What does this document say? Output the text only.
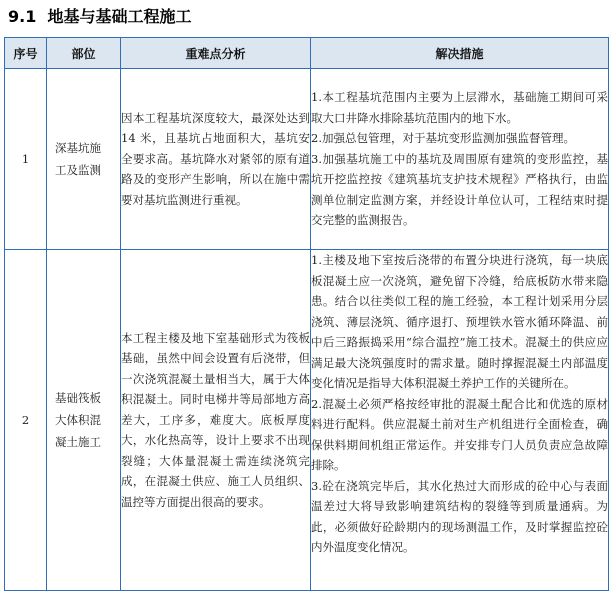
9.1 地基与基础工程施工
序号	部位	重难点分析	解决措施
1	深基坑施工及监测	因本工程基坑深度较大，最深处达到 14 米，且基坑占地面积大，基坑安全要求高。基坑降水对紧邻的原有道路及的变形产生影响，所以在施中需要对基坑监测进行重视。	1.本工程基坑范围内主要为上层滞水，基础施工期间可采取大口井降水排除基坑范围内的地下水。

2.加强总包管理，对于基坑变形监测加强监督管理。

3.加强基坑施工中的基坑及周围原有建筑的变形监控，基坑开挖监控按《建筑基坑支护技术规程》严格执行，由监测单位制定监测方案，并经设计单位认可，工程结束时提交完整的监测报告。

2	基础筏板大体积混凝土施工	本工程主楼及地下室基础形式为筏板基础，虽然中间会设置有后浇带，但一次浇筑混凝土量相当大，属于大体积混凝土。同时电梯井等局部地方高差大，工序多，难度大。底板厚度大，水化热高等，设计上要求不出现裂缝；大体量混凝土需连续浇筑完成，在混凝土供应、施工人员组织、温控等方面提出很高的要求。	1.主楼及地下室按后浇带的布置分块进行浇筑，每一块底板混凝土应一次浇筑，避免留下冷缝，给底板防水带来隐患。结合以往类似工程的施工经验，本工程计划采用分层浇筑、薄层浇筑、循序退打、预埋铁水管水循环降温、前中后三路振捣采用“综合温控”施工技术。混凝土的供应应满足最大浇筑强度时的需求量。随时撑握混凝土内部温度变化情况是指导大体积混凝土养护工作的关键所在。

2.混凝土必须严格按经审批的混凝土配合比和优选的原材料进行配料。供应混凝土前对生产机组进行全面检查，确保供料期间机组正常运作。并安排专门人员负责应急故障排除。

3.砼在浇筑完毕后，其水化热过大而形成的砼中心与表面温差过大将导致影响建筑结构的裂缝等到质量通病。为此，必须做好砼龄期内的现场测温工作，及时掌握监控砼内外温度变化情况。
